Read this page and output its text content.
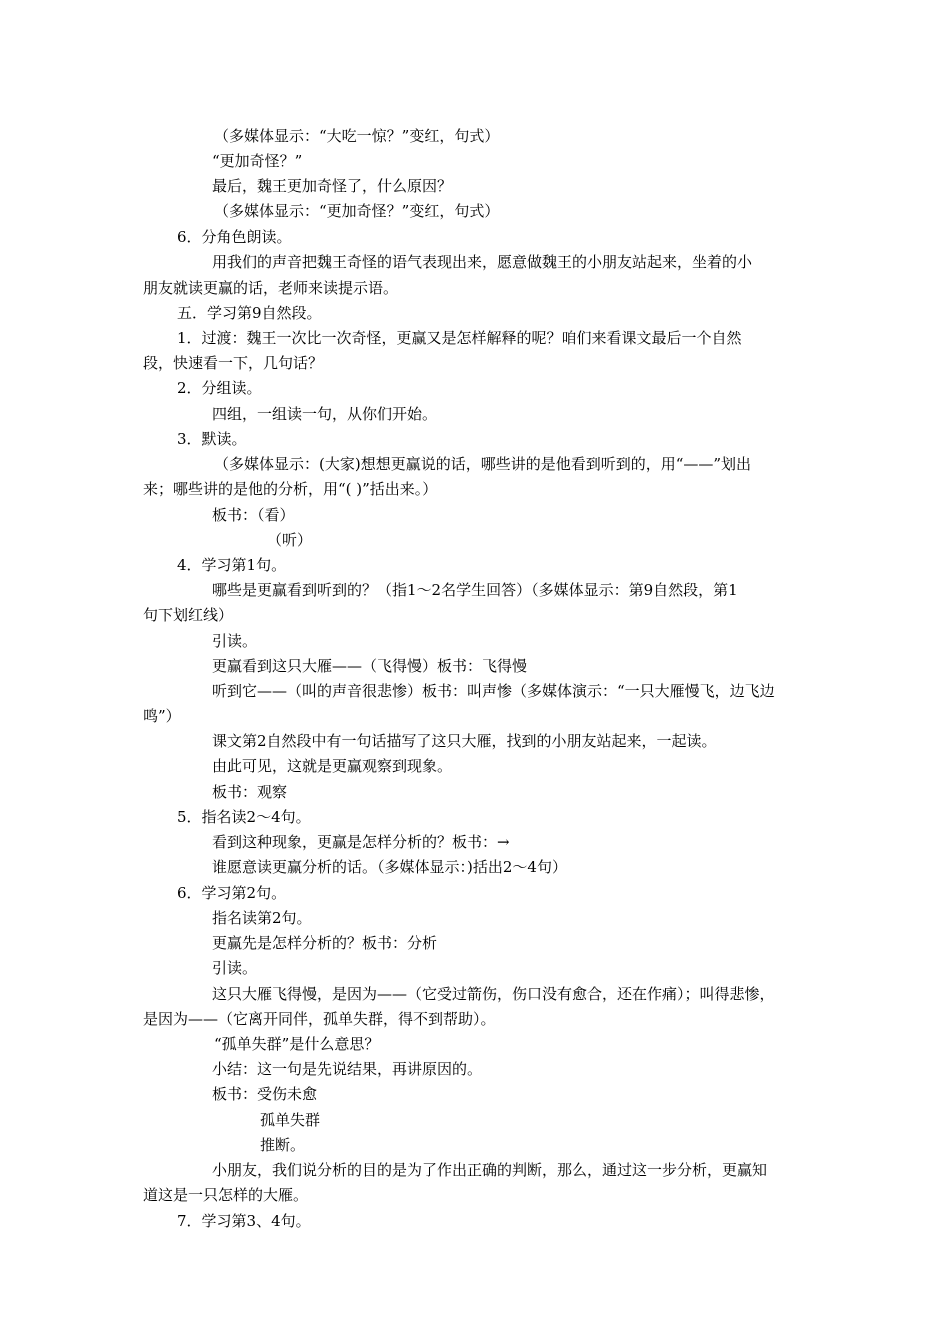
（多媒体显示：“大吃一惊？”变红，句式）
“更加奇怪？”
最后，魏王更加奇怪了，什么原因？
（多媒体显示：“更加奇怪？”变红，句式）
6．分角色朗读。
用我们的声音把魏王奇怪的语气表现出来，愿意做魏王的小朋友站起来，坐着的小
朋友就读更赢的话，老师来读提示语。
五．学习第9自然段。
1．过渡：魏王一次比一次奇怪，更赢又是怎样解释的呢？咱们来看课文最后一个自然
段，快速看一下，几句话？
2．分组读。
四组，一组读一句，从你们开始。
3．默读。
（多媒体显示：(大家)想想更赢说的话，哪些讲的是他看到听到的，用“——”划出
来；哪些讲的是他的分析，用“( )”括出来。）
板书：（看）
（听）
4．学习第1句。
哪些是更赢看到听到的？（指1～2名学生回答）（多媒体显示：第9自然段，第1
句下划红线）
引读。
更赢看到这只大雁——（飞得慢）板书：飞得慢
听到它——（叫的声音很悲惨）板书：叫声惨（多媒体演示：“一只大雁慢飞，边飞边
鸣”）
课文第2自然段中有一句话描写了这只大雁，找到的小朋友站起来，一起读。
由此可见，这就是更赢观察到现象。
板书：观察
5．指名读2～4句。
看到这种现象，更赢是怎样分析的？板书：→
谁愿意读更赢分析的话。（多媒体显示：)括出2～4句）
6．学习第2句。
指名读第2句。
更赢先是怎样分析的？板书：分析
引读。
这只大雁飞得慢，是因为——（它受过箭伤，伤口没有愈合，还在作痛）；叫得悲惨，
是因为——（它离开同伴，孤单失群，得不到帮助）。
“孤单失群”是什么意思？
小结：这一句是先说结果，再讲原因的。
板书：受伤未愈
孤单失群
推断。
小朋友，我们说分析的目的是为了作出正确的判断，那么，通过这一步分析，更赢知
道这是一只怎样的大雁。
7．学习第3、4句。
